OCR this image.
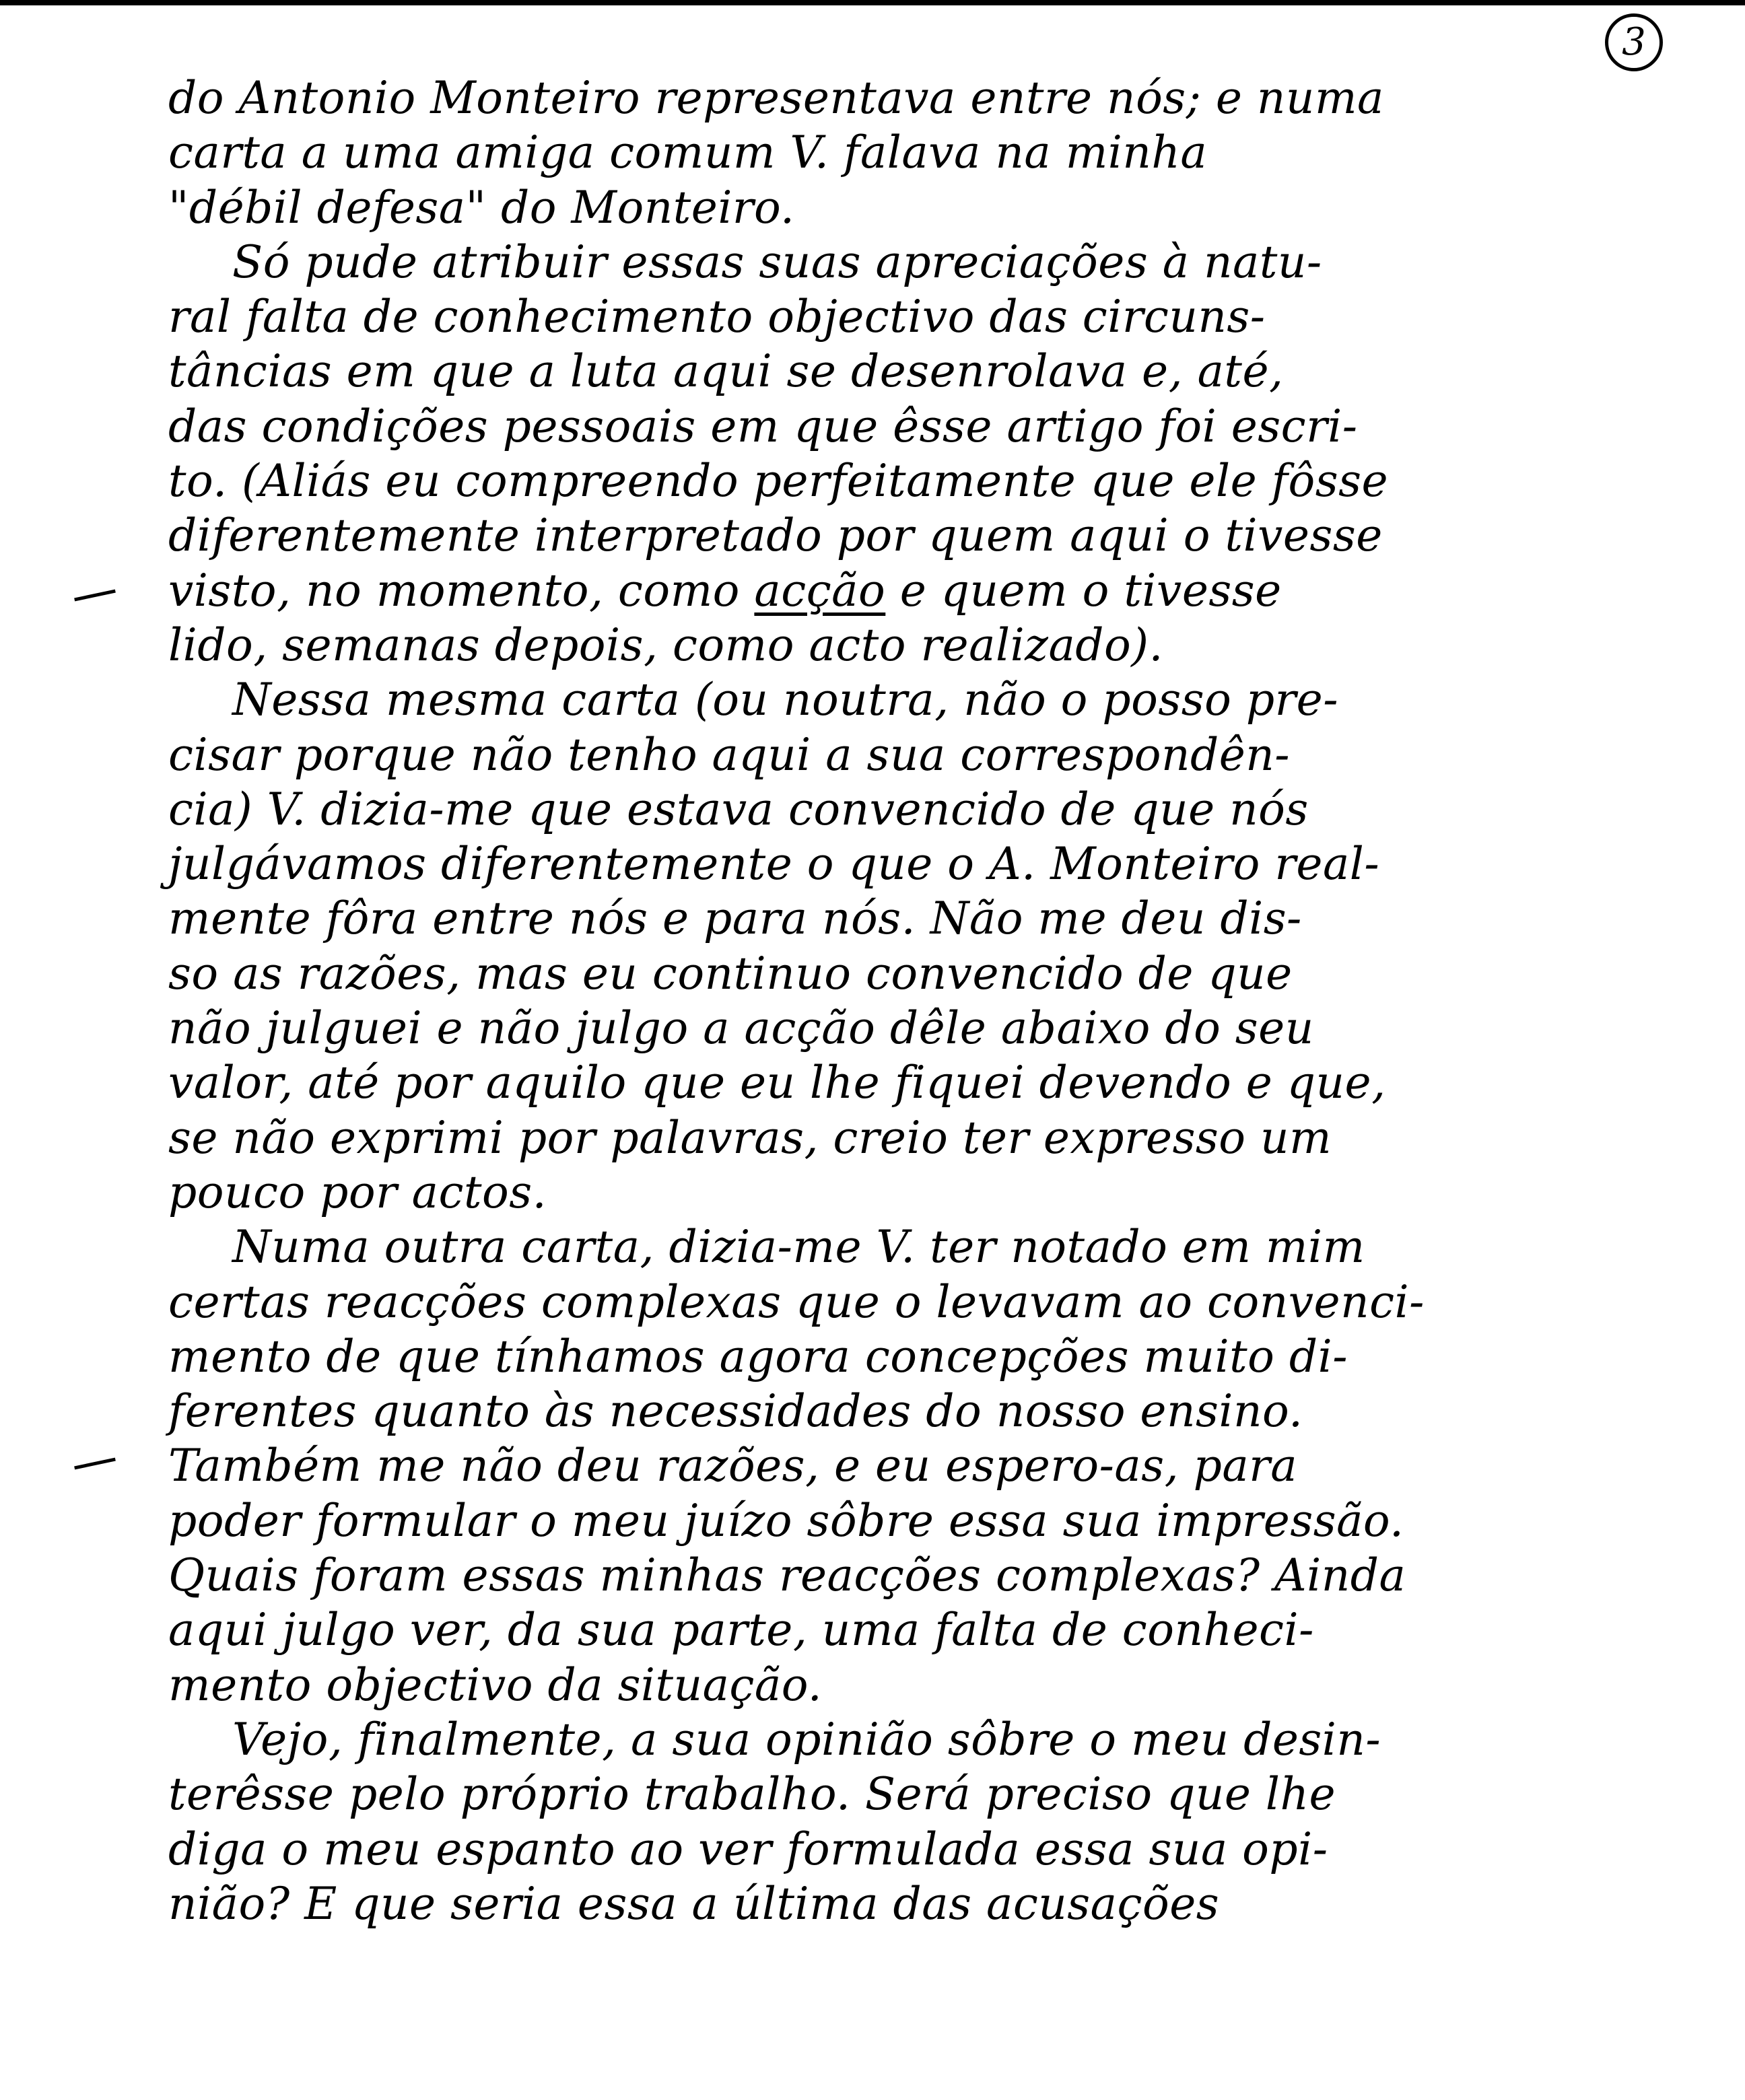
3
do Antonio Monteiro representava entre nós; e numa
carta a uma amiga comum V. falava na minha
"débil defesa" do Monteiro.
Só pude atribuir essas suas apreciações à natu-
ral falta de conhecimento objectivo das circuns-
tâncias em que a luta aqui se desenrolava e, até,
das condições pessoais em que êsse artigo foi escri-
to. (Aliás eu compreendo perfeitamente que ele fôsse
diferentemente interpretado por quem aqui o tivesse
visto, no momento, como acção e quem o tivesse
lido, semanas depois, como acto realizado).
Nessa mesma carta (ou noutra, não o posso pre-
cisar porque não tenho aqui a sua correspondên-
cia) V. dizia-me que estava convencido de que nós
julgávamos diferentemente o que o A. Monteiro real-
mente fôra entre nós e para nós. Não me deu dis-
so as razões, mas eu continuo convencido de que
não julguei e não julgo a acção dêle abaixo do seu
valor, até por aquilo que eu lhe fiquei devendo e que,
se não exprimi por palavras, creio ter expresso um
pouco por actos.
Numa outra carta, dizia-me V. ter notado em mim
certas reacções complexas que o levavam ao convenci-
mento de que tínhamos agora concepções muito di-
ferentes quanto às necessidades do nosso ensino.
Também me não deu razões, e eu espero-as, para
poder formular o meu juízo sôbre essa sua impressão.
Quais foram essas minhas reacções complexas? Ainda
aqui julgo ver, da sua parte, uma falta de conheci-
mento objectivo da situação.
Vejo, finalmente, a sua opinião sôbre o meu desin-
terêsse pelo próprio trabalho. Será preciso que lhe
diga o meu espanto ao ver formulada essa sua opi-
nião? E que seria essa a última das acusações
